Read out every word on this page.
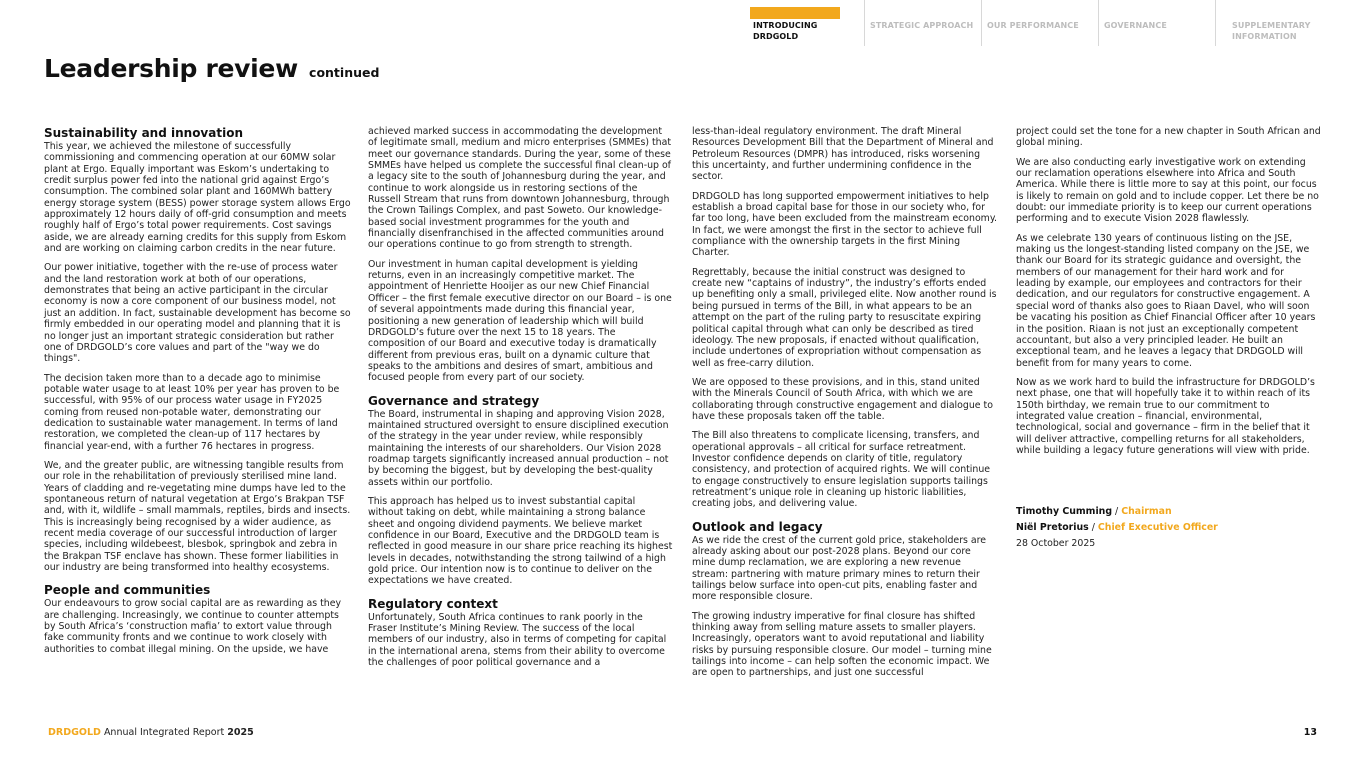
INTRODUCING DRDGOLD
STRATEGIC APPROACH	OUR PERFORMANCE	GOVERNANCE	SUPPLEMENTARY INFORMATION
Leadership review continued
Sustainability and innovation

This year, we achieved the milestone of successfully commissioning and commencing operation at our 60MW solar plant at Ergo. Equally important was Eskom’s undertaking to credit surplus power fed into the national grid against Ergo’s consumption. The combined solar plant and 160MWh battery energy storage system (BESS) power storage system allows Ergo approximately 12 hours daily of off-grid consumption and meets roughly half of Ergo’s total power requirements. Cost savings aside, we are already earning credits for this supply from Eskom and are working on claiming carbon credits in the near future.

Our power initiative, together with the re-use of process water and the land restoration work at both of our operations, demonstrates that being an active participant in the circular economy is now a core component of our business model, not just an addition. In fact, sustainable development has become so firmly embedded in our operating model and planning that it is no longer just an important strategic consideration but rather one of DRDGOLD’s core values and part of the "way we do things".

The decision taken more than to a decade ago to minimise potable water usage to at least 10% per year has proven to be successful, with 95% of our process water usage in FY2025 coming from reused non-potable water, demonstrating our dedication to sustainable water management. In terms of land restoration, we completed the clean-up of 117 hectares by financial year-end, with a further 76 hectares in progress.

We, and the greater public, are witnessing tangible results from our role in the rehabilitation of previously sterilised mine land. Years of cladding and re-vegetating mine dumps have led to the spontaneous return of natural vegetation at Ergo’s Brakpan TSF and, with it, wildlife – small mammals, reptiles, birds and insects. This is increasingly being recognised by a wider audience, as recent media coverage of our successful introduction of larger species, including wildebeest, blesbok, springbok and zebra in the Brakpan TSF enclave has shown. These former liabilities in our industry are being transformed into healthy ecosystems.

People and communities

Our endeavours to grow social capital are as rewarding as they are challenging. Increasingly, we continue to counter attempts by South Africa’s ‘construction mafia’ to extort value through fake community fronts and we continue to work closely with authorities to combat illegal mining. On the upside, we have

achieved marked success in accommodating the development of legitimate small, medium and micro enterprises (SMMEs) that meet our governance standards. During the year, some of these SMMEs have helped us complete the successful final clean-up of a legacy site to the south of Johannesburg during the year, and continue to work alongside us in restoring sections of the Russell Stream that runs from downtown Johannesburg, through the Crown Tailings Complex, and past Soweto. Our knowledge-based social investment programmes for the youth and financially disenfranchised in the affected communities around our operations continue to go from strength to strength.

Our investment in human capital development is yielding returns, even in an increasingly competitive market. The appointment of Henriette Hooijer as our new Chief Financial Officer – the first female executive director on our Board – is one of several appointments made during this financial year, positioning a new generation of leadership which will build DRDGOLD’s future over the next 15 to 18 years. The composition of our Board and executive today is dramatically different from previous eras, built on a dynamic culture that speaks to the ambitions and desires of smart, ambitious and focused people from every part of our society.

Governance and strategy

The Board, instrumental in shaping and approving Vision 2028, maintained structured oversight to ensure disciplined execution of the strategy in the year under review, while responsibly maintaining the interests of our shareholders. Our Vision 2028 roadmap targets significantly increased annual production – not by becoming the biggest, but by developing the best-quality assets within our portfolio.

This approach has helped us to invest substantial capital without taking on debt, while maintaining a strong balance sheet and ongoing dividend payments. We believe market confidence in our Board, Executive and the DRDGOLD team is reflected in good measure in our share price reaching its highest levels in decades, notwithstanding the strong tailwind of a high gold price. Our intention now is to continue to deliver on the expectations we have created.

Regulatory context

Unfortunately, South Africa continues to rank poorly in the Fraser Institute’s Mining Review. The success of the local members of our industry, also in terms of competing for capital in the international arena, stems from their ability to overcome the challenges of poor political governance and a

less-than-ideal regulatory environment. The draft Mineral Resources Development Bill that the Department of Mineral and Petroleum Resources (DMPR) has introduced, risks worsening this uncertainty, and further undermining confidence in the sector.

DRDGOLD has long supported empowerment initiatives to help establish a broad capital base for those in our society who, for far too long, have been excluded from the mainstream economy. In fact, we were amongst the first in the sector to achieve full compliance with the ownership targets in the first Mining Charter.

Regrettably, because the initial construct was designed to create new “captains of industry”, the industry’s efforts ended up benefiting only a small, privileged elite. Now another round is being pursued in terms of the Bill, in what appears to be an attempt on the part of the ruling party to resuscitate expiring political capital through what can only be described as tired ideology. The new proposals, if enacted without qualification, include undertones of expropriation without compensation as well as free-carry dilution.

We are opposed to these provisions, and in this, stand united with the Minerals Council of South Africa, with which we are collaborating through constructive engagement and dialogue to have these proposals taken off the table.

The Bill also threatens to complicate licensing, transfers, and operational approvals – all critical for surface retreatment. Investor confidence depends on clarity of title, regulatory consistency, and protection of acquired rights. We will continue to engage constructively to ensure legislation supports tailings retreatment’s unique role in cleaning up historic liabilities, creating jobs, and delivering value.

Outlook and legacy

As we ride the crest of the current gold price, stakeholders are already asking about our post-2028 plans. Beyond our core mine dump reclamation, we are exploring a new revenue stream: partnering with mature primary mines to return their tailings below surface into open-cut pits, enabling faster and more responsible closure.

The growing industry imperative for final closure has shifted thinking away from selling mature assets to smaller players. Increasingly, operators want to avoid reputational and liability risks by pursuing responsible closure. Our model – turning mine tailings into income – can help soften the economic impact. We are open to partnerships, and just one successful

project could set the tone for a new chapter in South African and global mining.

We are also conducting early investigative work on extending our reclamation operations elsewhere into Africa and South America. While there is little more to say at this point, our focus is likely to remain on gold and to include copper. Let there be no doubt: our immediate priority is to keep our current operations performing and to execute Vision 2028 flawlessly.

As we celebrate 130 years of continuous listing on the JSE, making us the longest-standing listed company on the JSE, we thank our Board for its strategic guidance and oversight, the members of our management for their hard work and for leading by example, our employees and contractors for their dedication, and our regulators for constructive engagement. A special word of thanks also goes to Riaan Davel, who will soon be vacating his position as Chief Financial Officer after 10 years in the position. Riaan is not just an exceptionally competent accountant, but also a very principled leader. He built an exceptional team, and he leaves a legacy that DRDGOLD will benefit from for many years to come.

Now as we work hard to build the infrastructure for DRDGOLD’s next phase, one that will hopefully take it to within reach of its 150th birthday, we remain true to our commitment to integrated value creation – financial, environmental, technological, social and governance – firm in the belief that it will deliver attractive, compelling returns for all stakeholders, while building a legacy future generations will view with pride.

Timothy Cumming / Chairman
Niël Pretorius / Chief Executive Officer
28 October 2025
DRDGOLD Annual Integrated Report 2025	13
